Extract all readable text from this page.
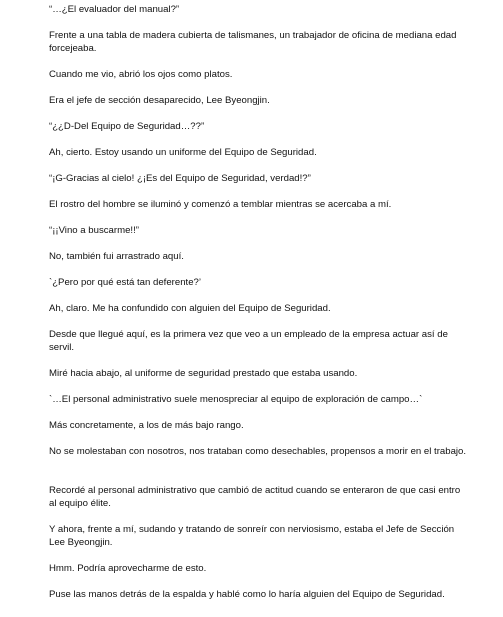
“…¿El evaluador del manual?”

Frente a una tabla de madera cubierta de talismanes, un trabajador de oficina de mediana edad forcejeaba.

Cuando me vio, abrió los ojos como platos.

Era el jefe de sección desaparecido, Lee Byeongjin.

“¿¿D-Del Equipo de Seguridad…??”

Ah, cierto. Estoy usando un uniforme del Equipo de Seguridad.

“¡G-Gracias al cielo! ¿¡Es del Equipo de Seguridad, verdad!?”

El rostro del hombre se iluminó y comenzó a temblar mientras se acercaba a mí.

“¡¡Vino a buscarme!!”

No, también fui arrastrado aquí.

`¿Pero por qué está tan deferente?’

Ah, claro. Me ha confundido con alguien del Equipo de Seguridad.

Desde que llegué aquí, es la primera vez que veo a un empleado de la empresa actuar así de servil.

Miré hacia abajo, al uniforme de seguridad prestado que estaba usando.

`…El personal administrativo suele menospreciar al equipo de exploración de campo…`

Más concretamente, a los de más bajo rango.

No se molestaban con nosotros, nos trataban como desechables, propensos a morir en el trabajo.

Recordé al personal administrativo que cambió de actitud cuando se enteraron de que casi entro al equipo élite.

Y ahora, frente a mí, sudando y tratando de sonreír con nerviosismo, estaba el Jefe de Sección Lee Byeongjin.

Hmm. Podría aprovecharme de esto.

Puse las manos detrás de la espalda y hablé como lo haría alguien del Equipo de Seguridad.
